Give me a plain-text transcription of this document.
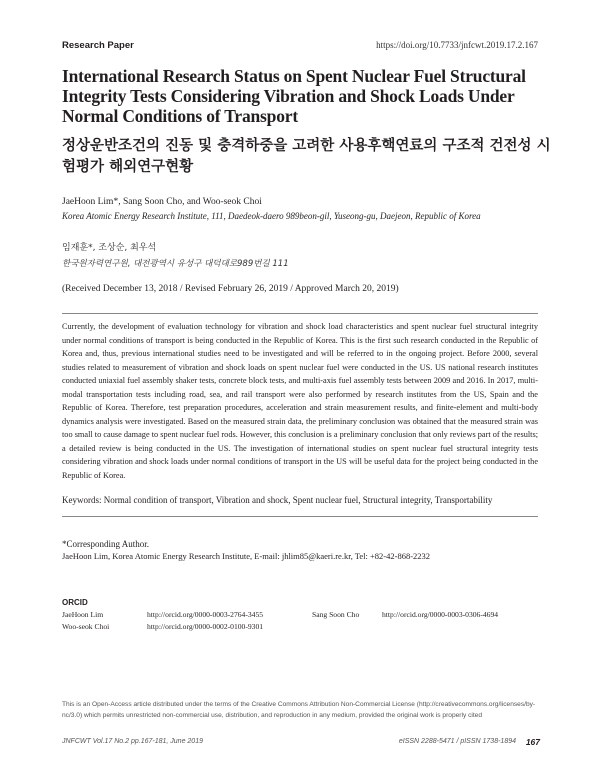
Research Paper	https://doi.org/10.7733/jnfcwt.2019.17.2.167
International Research Status on Spent Nuclear Fuel Structural Integrity Tests Considering Vibration and Shock Loads Under Normal Conditions of Transport
정상운반조건의 진동 및 충격하중을 고려한 사용후핵연료의 구조적 건전성 시험평가 해외연구현황
JaeHoon Lim*, Sang Soon Cho, and Woo-seok Choi
Korea Atomic Energy Research Institute, 111, Daedeok-daero 989beon-gil, Yuseong-gu, Daejeon, Republic of Korea
임재훈*, 조상순, 최우석
한국원자력연구원, 대전광역시 유성구 대덕대로989번길 111
(Received December 13, 2018 / Revised February 26, 2019 / Approved March 20, 2019)
Currently, the development of evaluation technology for vibration and shock load characteristics and spent nuclear fuel structural integrity under normal conditions of transport is being conducted in the Republic of Korea. This is the first such research conducted in the Republic of Korea and, thus, previous international studies need to be investigated and will be referred to in the ongoing project. Before 2000, several studies related to measurement of vibration and shock loads on spent nuclear fuel were conducted in the US. US national research institutes conducted uniaxial fuel assembly shaker tests, concrete block tests, and multi-axis fuel assembly tests between 2009 and 2016. In 2017, multi-modal transportation tests including road, sea, and rail transport were also performed by research institutes from the US, Spain and the Republic of Korea. Therefore, test preparation procedures, acceleration and strain measurement results, and finite-element and multi-body dynamics analysis were investigated. Based on the measured strain data, the preliminary conclusion was obtained that the measured strain was too small to cause damage to spent nuclear fuel rods. However, this conclusion is a preliminary conclusion that only reviews part of the results; a detailed review is being conducted in the US. The investigation of international studies on spent nuclear fuel structural integrity tests considering vibration and shock loads under normal conditions of transport in the US will be useful data for the project being conducted in the Republic of Korea.
Keywords: Normal condition of transport, Vibration and shock, Spent nuclear fuel, Structural integrity, Transportability
*Corresponding Author.
JaeHoon Lim, Korea Atomic Energy Research Institute, E-mail: jhlim85@kaeri.re.kr, Tel: +82-42-868-2232
ORCID
JaeHoon Lim	http://orcid.org/0000-0003-2764-3455	Sang Soon Cho	http://orcid.org/0000-0003-0306-4694
Woo-seok Choi	http://orcid.org/0000-0002-0100-9301
This is an Open-Access article distributed under the terms of the Creative Commons Attribution Non-Commercial License (http://creativecommons.org/licenses/by-nc/3.0) which permits unrestricted non-commercial use, distribution, and reproduction in any medium, provided the original work is properly cited
JNFCWT Vol.17 No.2 pp.167-181, June 2019	eISSN 2288-5471 / pISSN 1738-1894 167
